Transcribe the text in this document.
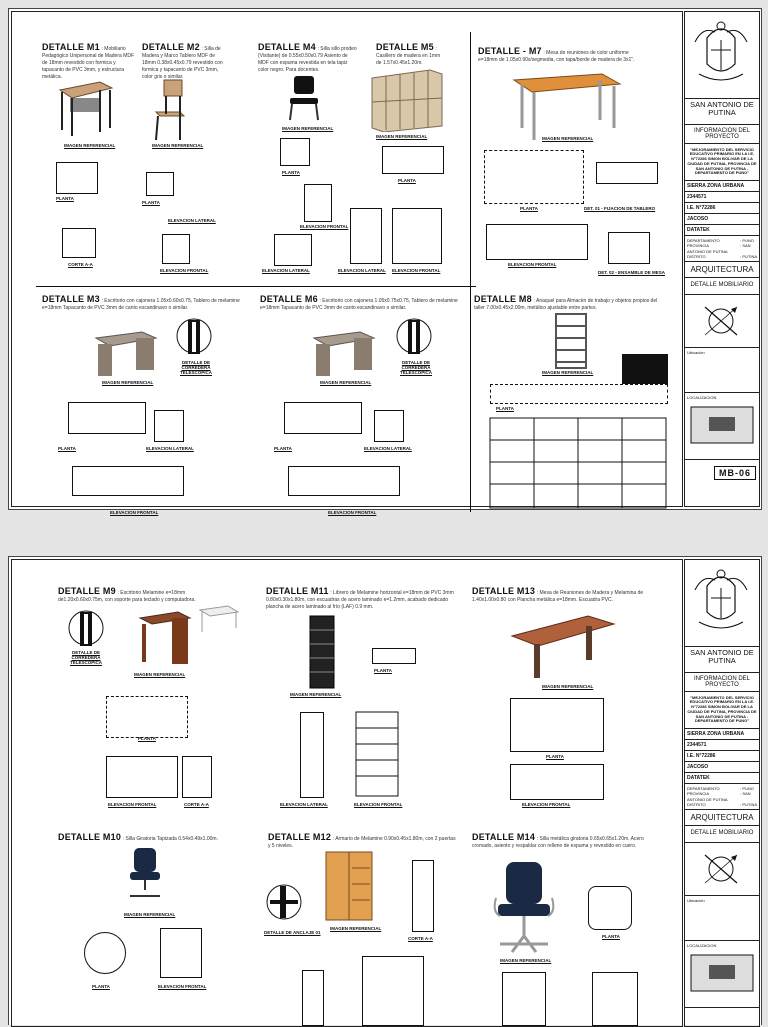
DETALLE M1 : Mobiliario Pedagógico Unipersonal de Madera MDF de 18mm revestido con formica y tapacanto de PVC 3mm, y estructura metálica.
IMAGEN REFERENCIAL
PLANTA
CORTE A-A
DETALLE M2 : Silla de Madera y Marco Tablero MDF de 18mm 0.38x0.45x0.79 revestido con formica y tapacanto de PVC 3mm, color gris o similar.
IMAGEN REFERENCIAL
PLANTA
ELEVACION LATERAL
ELEVACION FRONTAL
DETALLE M4 : Silla sillo prodeo (Visitante) de 0.55x0.50x0.79 Asiento de MDF con espuma revestida en tela tapiz color negro. Para docentes.
IMAGEN REFERENCIAL
PLANTA
ELEVACION FRONTAL
ELEVACION LATERAL
DETALLE M5 : Casillero de madera en 1mm de 1.57x0.45x1.20m.
IMAGEN REFERENCIAL
PLANTA
ELEVACION LATERAL ELEVACION FRONTAL
DETALLE - M7 : Mesa de reuniones de color uniforme e=18mm de 1.05x0.90x/segmedia, con tapa/borde de madera de 3x1".
IMAGEN REFERENCIAL
PLANTA	DET. 01 - FIJACION DE TABLERO
ELEVACION FRONTAL
DET. 02 - ENSAMBLE DE MESA
DETALLE M3 : Escritorio con cajonera 1.05x0.60x0.75, Tablero de melamine e=18mm Tapacanto de PVC 3mm de canto escandinavo o similar.
DETALLE DE CORREDERA TELESCOPICA
IMAGEN REFERENCIAL
PLANTA	ELEVACION LATERAL
ELEVACION FRONTAL
DETALLE M6 : Escritorio con cajonera 1.05x0.75x0.75, Tablero de melamine e=18mm Tapacanto de PVC 3mm de canto escandinavo o similar.
DETALLE DE CORREDERA TELESCOPICA
IMAGEN REFERENCIAL
PLANTA	ELEVACION LATERAL
ELEVACION FRONTAL
DETALLE M8 : Anaquel para Almacén de trabajo y objetos propios del taller 7.00x0.45x2.00m, metálico ajustable entre partes.
IMAGEN REFERENCIAL
PLANTA
SAN ANTONIO DE PUTINA
INFORMACION DEL PROYECTO
"MEJORAMIENTO DEL SERVICIO EDUCATIVO PRIMARIO EN LA I.E. N°72286 SIMON BOLIVAR DE LA CIUDAD DE PUTINA, PROVINCIA DE SAN ANTONIO DE PUTINA - DEPARTAMENTO DE PUNO"
SIERRA ZONA URBANA
2344571
I.E. N°72286
JACOSO
DATATEK
DEPARTAMENTO	: PUNO
PROVINCIA	: SAN
ANTONIO DE PUTINA
DISTRITO	: PUTINA
ARQUITECTURA
DETALLE MOBILIARIO
Ubicación
LOCALIZACION
MB-06
DETALLE M9 : Escritorio Melamine e=18mm de1.20x0.60x0.75m, con soporte para teclado y computadora.
DETALLE DE CORREDERA TELESCOPICA
IMAGEN REFERENCIAL
PLANTA
ELEVACION FRONTAL	CORTE A-A
DETALLE M11 : Librero de Melamine horizontal e=18mm de PVC 3mm 0.80x0.30x1.80m, con escuadras de acero laminado e=1.2mm, acabado dedicado plancha de acero laminado al frío (LAF) 0.9 mm.
PLANTA
IMAGEN REFERENCIAL
ELEVACION LATERAL	ELEVACION FRONTAL
DETALLE M13 : Mesa de Reuniones de Madera y Melamina de 1.40x1.00x0.80 con Plancha metálica e=18mm. Escuadra PVC.
IMAGEN REFERENCIAL
PLANTA
ELEVACION FRONTAL
DETALLE M10 : Silla Giratoria Tapizada 0.54x0.49x1.00m.
IMAGEN REFERENCIAL
PLANTA	ELEVACION FRONTAL
DETALLE M12 : Armario de Melamine 0.90x0.45x1.80m, con 2 puertas y 5 niveles.
DETALLE DE ANCLAJE 01
IMAGEN REFERENCIAL
CORTE A-A
DETALLE M14 : Silla metálica giratoria 0.65x0.65x1.20m. Acero cromado, asiento y respaldar con relleno de espuma y revestido en cuero.
IMAGEN REFERENCIAL
PLANTA
SAN ANTONIO DE PUTINA
INFORMACION DEL PROYECTO
"MEJORAMIENTO DEL SERVICIO EDUCATIVO PRIMARIO EN LA I.E. N°72286 SIMON BOLIVAR DE LA CIUDAD DE PUTINA, PROVINCIA DE SAN ANTONIO DE PUTINA - DEPARTAMENTO DE PUNO"
SIERRA ZONA URBANA
2344571
I.E. N°72286
JACOSO
DATATEK
DEPARTAMENTO	: PUNO
PROVINCIA	: SAN
ANTONIO DE PUTINA
DISTRITO	: PUTINA
ARQUITECTURA
DETALLE MOBILIARIO
Ubicación
LOCALIZACION
